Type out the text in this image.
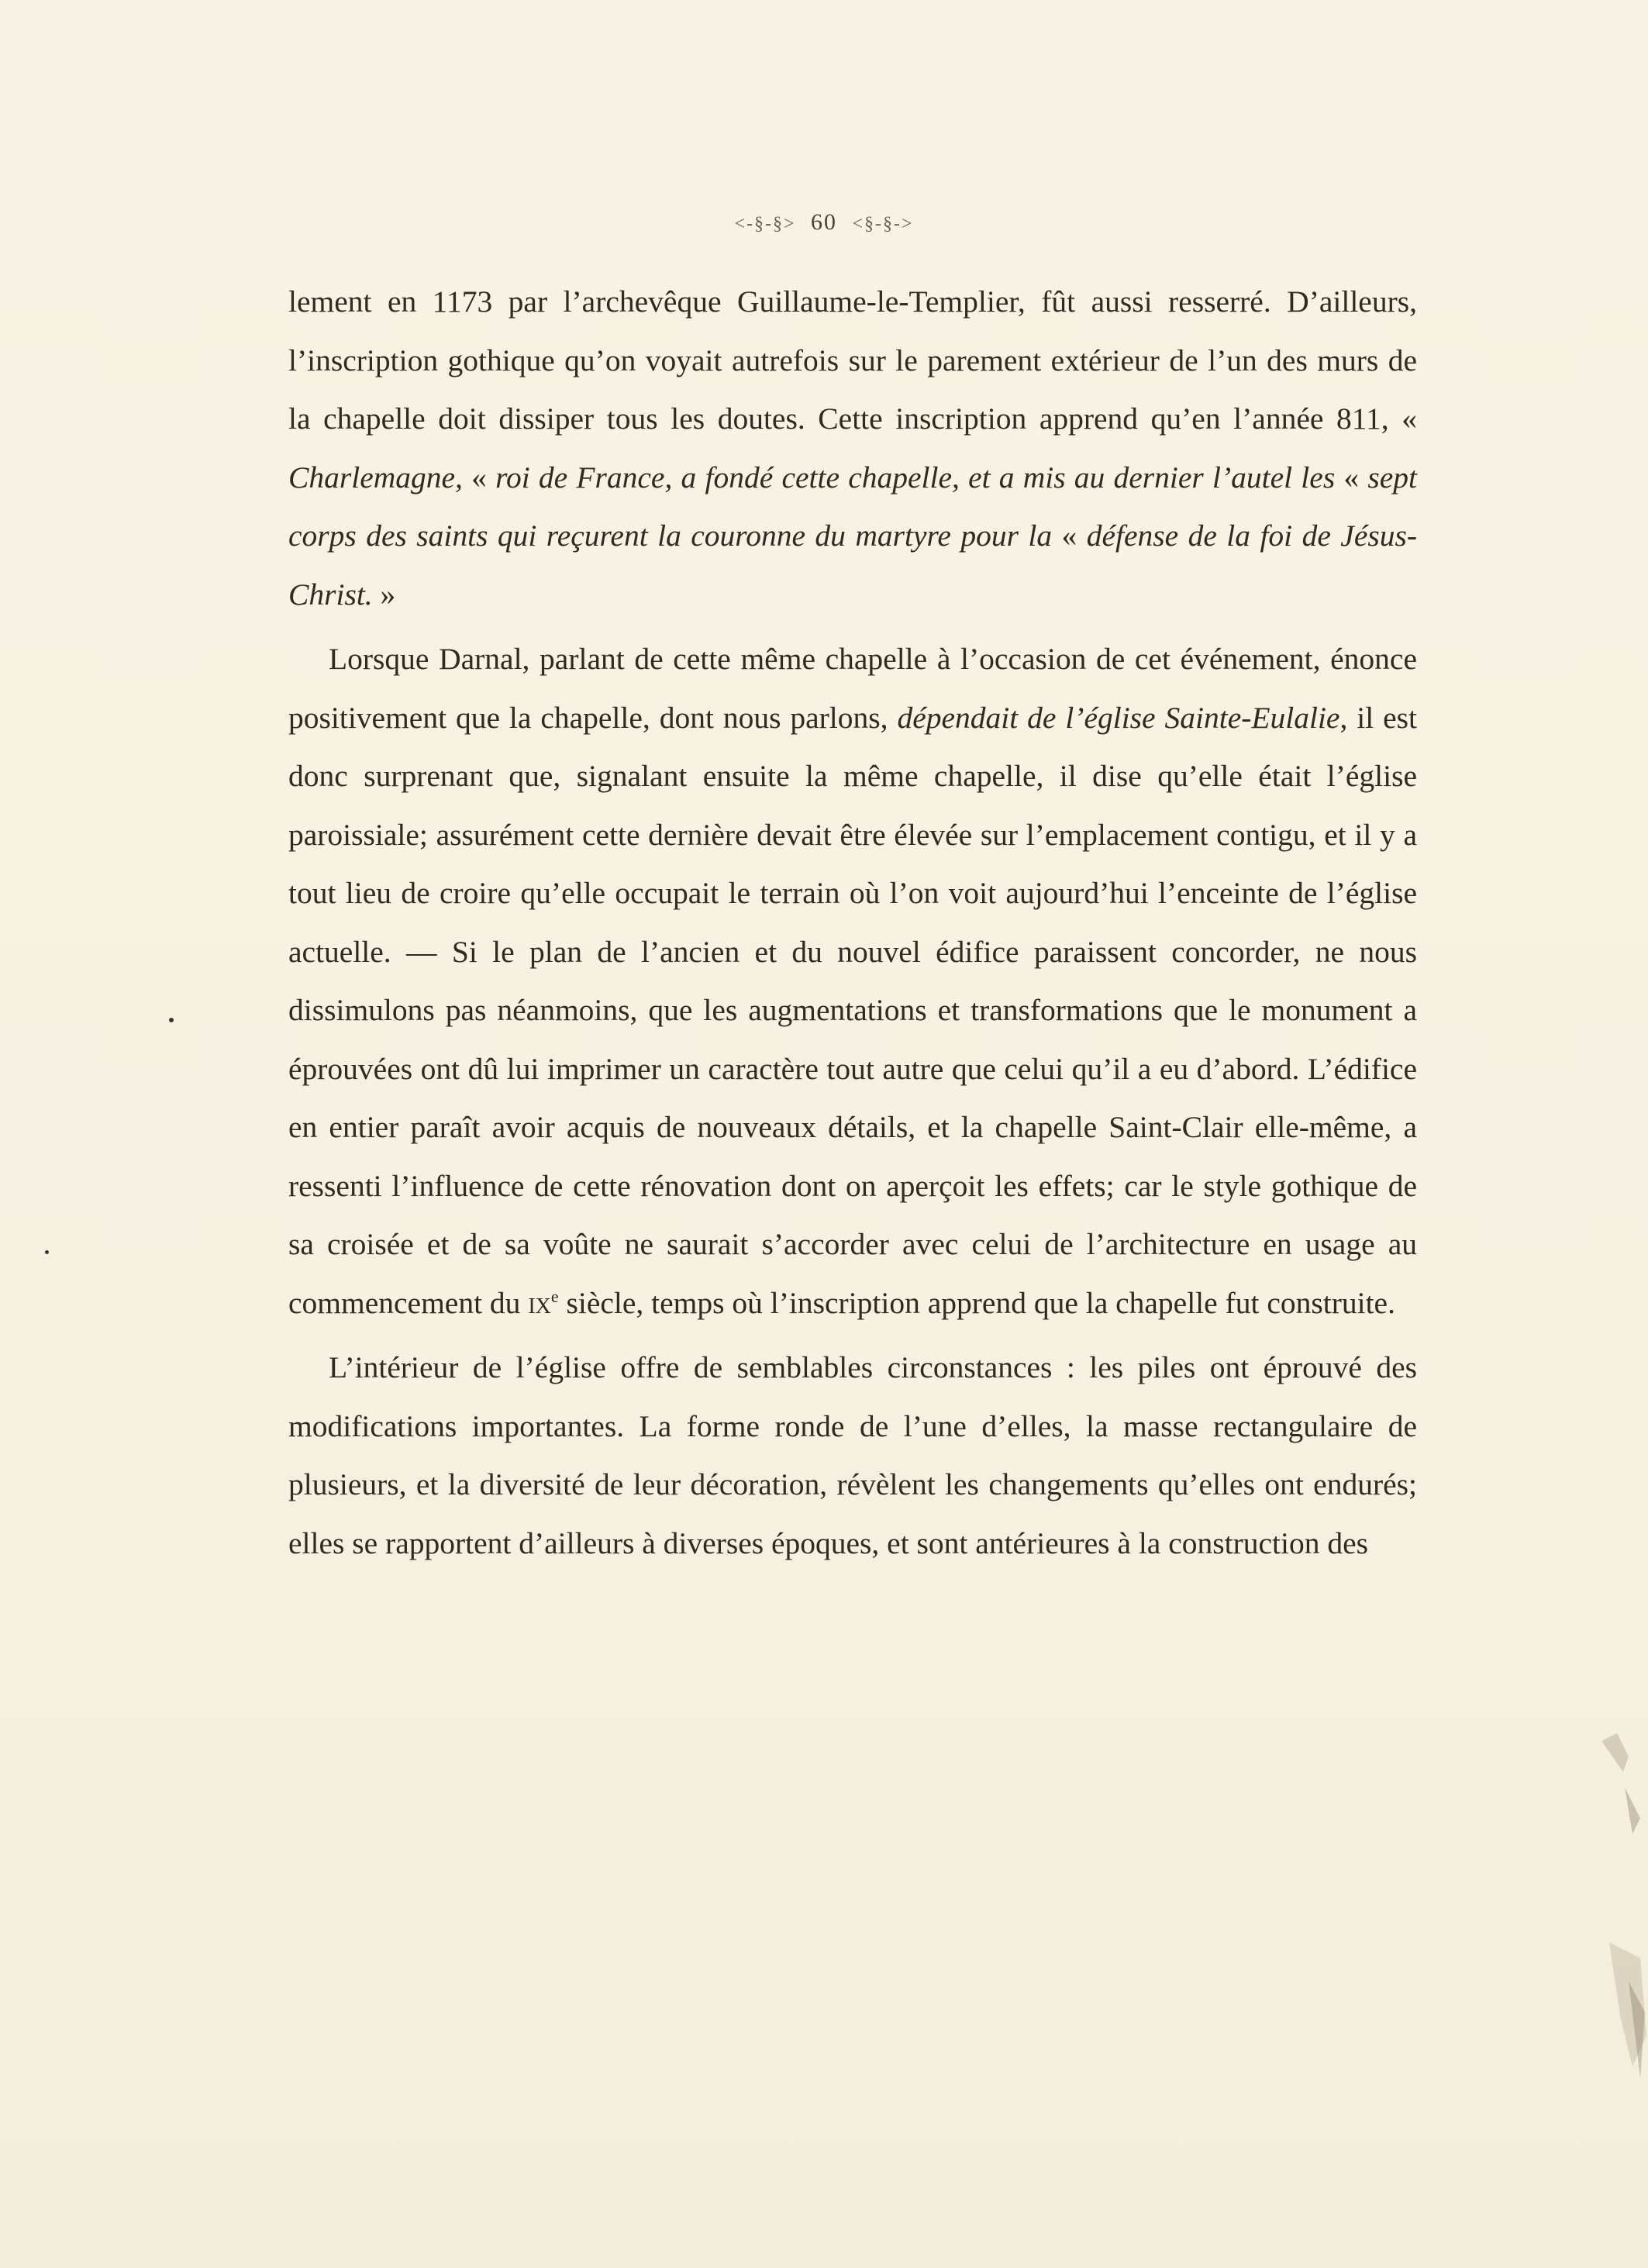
<-§-§> 60 <§-§->

lement en 1173 par l’archevêque Guillaume-le-Templier, fût aussi resserré. D’ailleurs, l’inscription gothique qu’on voyait autrefois sur le parement extérieur de l’un des murs de la chapelle doit dissiper tous les doutes. Cette inscription apprend qu’en l’année 811, « Charlemagne, « roi de France, a fondé cette chapelle, et a mis au dernier l’autel les « sept corps des saints qui reçurent la couronne du martyre pour la « défense de la foi de Jésus-Christ. »

Lorsque Darnal, parlant de cette même chapelle à l’occasion de cet événement, énonce positivement que la chapelle, dont nous parlons, dépendait de l’église Sainte-Eulalie, il est donc surprenant que, signalant ensuite la même chapelle, il dise qu’elle était l’église paroissiale; assurément cette dernière devait être élevée sur l’emplacement contigu, et il y a tout lieu de croire qu’elle occupait le terrain où l’on voit aujourd’hui l’enceinte de l’église actuelle. — Si le plan de l’ancien et du nouvel édifice paraissent concorder, ne nous dissimulons pas néanmoins, que les augmentations et transformations que le monument a éprouvées ont dû lui imprimer un caractère tout autre que celui qu’il a eu d’abord. L’édifice en entier paraît avoir acquis de nouveaux détails, et la chapelle Saint-Clair elle-même, a ressenti l’influence de cette rénovation dont on aperçoit les effets; car le style gothique de sa croisée et de sa voûte ne saurait s’accorder avec celui de l’architecture en usage au commencement du $ix^e$ siècle, temps où l’inscription apprend que la chapelle fut construite.

L’intérieur de l’église offre de semblables circonstances : les piles ont éprouvé des modifications importantes. La forme ronde de l’une d’elles, la masse rectangulaire de plusieurs, et la diversité de leur décoration, révèlent les changements qu’elles ont endurés; elles se rapportent d’ailleurs à diverses époques, et sont antérieures à la construction des
